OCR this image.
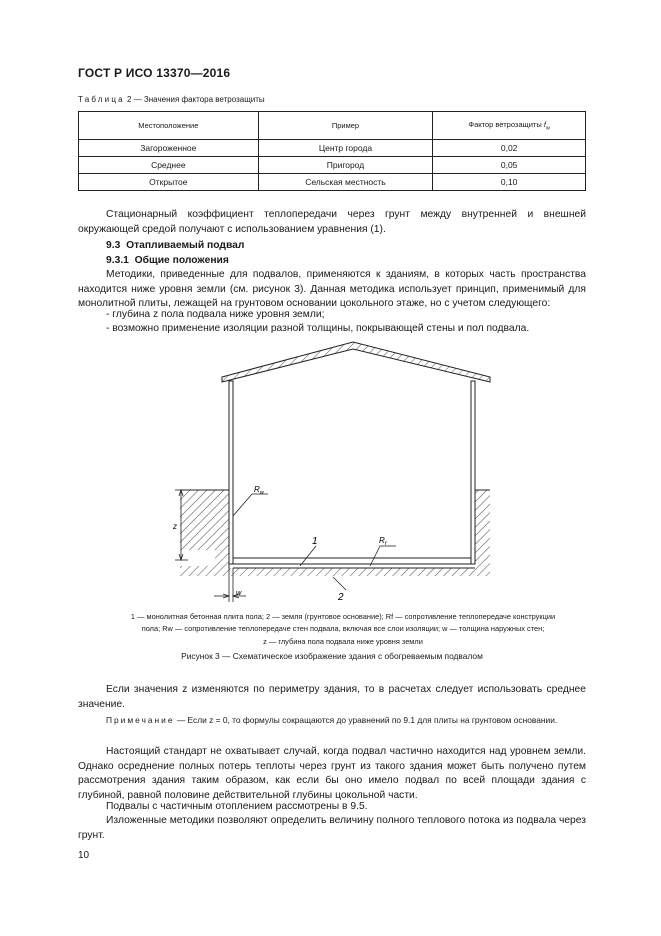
ГОСТ Р ИСО 13370—2016
Таблица 2 — Значения фактора ветрозащиты
Местоположение	Пример	Фактор ветрозащиты $f_w$
Загороженное	Центр города	0,02
Среднее	Пригород	0,05
Открытое	Сельская местность	0,10
Стационарный коэффициент теплопередачи через грунт между внутренней и внешней окружающей средой получают с использованием уравнения (1).
9.3 Отапливаемый подвал
9.3.1 Общие положения
Методики, приведенные для подвалов, применяются к зданиям, в которых часть пространства находится ниже уровня земли (см. рисунок 3). Данная методика использует принцип, применимый для монолитной плиты, лежащей на грунтовом основании цокольного этаже, но с учетом следующего:
- глубина z пола подвала ниже уровня земли;
- возможно применение изоляции разной толщины, покрывающей стены и пол подвала.
z
w
$R_w$
1	$R_f$
2
1 — монолитная бетонная плита пола; 2 — земля (грунтовое основание); Rf — сопротивление теплопередаче конструкции
пола; Rw — сопротивление теплопередаче стен подвала, включая все слои изоляции; w — толщина наружных стен;
z — глубина пола подвала ниже уровня земли
Рисунок 3 — Схематическое изображение здания с обогреваемым подвалом
Если значения z изменяются по периметру здания, то в расчетах следует использовать среднее значение.
Примечание — Если z = 0, то формулы сокращаются до уравнений по 9.1 для плиты на грунтовом основании.
Настоящий стандарт не охватывает случай, когда подвал частично находится над уровнем земли. Однако осреднение полных потерь теплоты через грунт из такого здания может быть получено путем рассмотрения здания таким образом, как если бы оно имело подвал по всей площади здания с глубиной, равной половине действительной глубины цокольной части.
Подвалы с частичным отоплением рассмотрены в 9.5.
Изложенные методики позволяют определить величину полного теплового потока из подвала через грунт.
10
